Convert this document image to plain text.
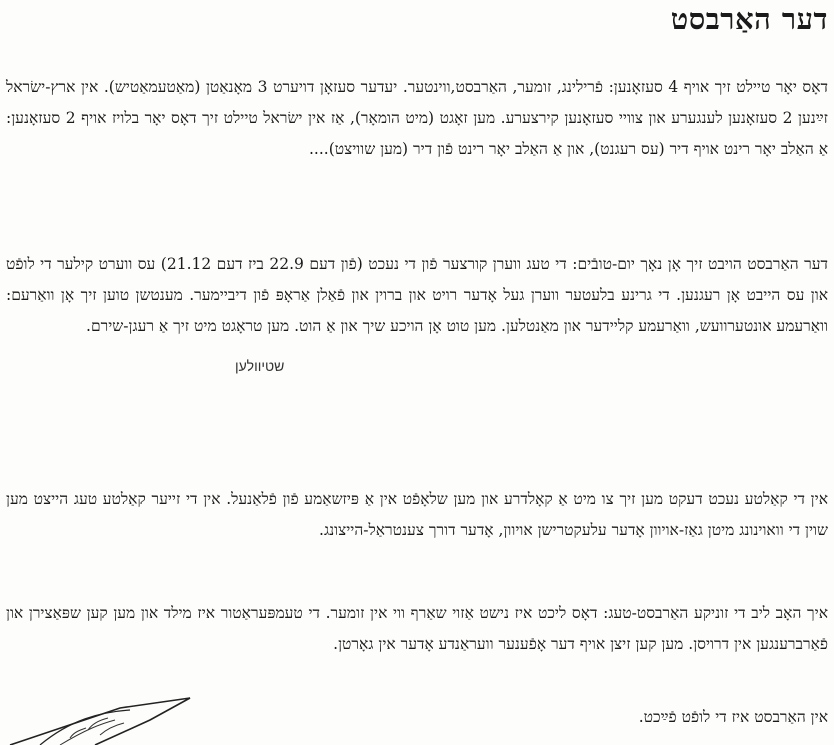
דער האַרבסט

דאָס יאָר טיילט זיך אויף 4 סעזאָנען: פֿרילינג, זומער, האַרבסט,ווינטער. יעדער סעזאָן דויערט 3 מאָנאַטן (מאַטעמאַטיש). אין ארץ-ישׂראל זײַנען 2 סעזאָנען לענגערע און צוויי סעזאָנען קירצערע. מען זאָגט (מיט הומאָר), אַז אין ישׂראל טיילט זיך דאָס יאָר בלויז אויף 2 סעזאָנען: אַ האַלב יאָר רינט אויף דיר (עס רעגנט), און אַ האַלב יאָר רינט פֿון דיר (מען שוויצט)....

דער האַרבסט הויבט זיך אָן נאָך יום-טובֿים: די טעג ווערן קורצער פֿון די נעכט (פֿון דעם 22.9 ביז דעם 21.12) עס ווערט קילער די לופֿט און עס הייבט אָן רעגנען. די גרינע בלעטער ווערן געל אָדער רויט און ברוין און פֿאַלן אַראָפּ פֿון דיביימער. מענטשן טוען זיך אָן וואַרעם: וואַרעמע אונטערוועש, וואַרעמע קליידער און מאַנטלען. מען טוט אָן הויכע שיך און אַ הוט. מען טראָגט מיט זיך אַ רעגן-שירם.

שטיוולען

אין די קאַלטע נעכט דעקט מען זיך צו מיט אַ קאָלדרע און מען שלאָפֿט אין אַ פּיזשאַמע פֿון פֿלאַנעל. אין די זייער קאַלטע טעג הייצט מען שוין די וואוינונג מיטן גאַז-אויוון אָדער עלעקטרישן אויוון, אָדער דורך צענטראַל-הייצונג.

איך האָב ליב די זוניקע האַרבסט-טעג: דאָס ליכט איז נישט אַזוי שאַרף ווי אין זומער. די טעמפּעראַטור איז מילד און מען קען שפּאַצירן און פֿאַרברענגען אין דרויסן. מען קען זיצן אויף דער אָפֿענער וועראַנדע אָדער אין גאָרטן.

אין האַרבסט איז די לופֿט פֿײַכט.
